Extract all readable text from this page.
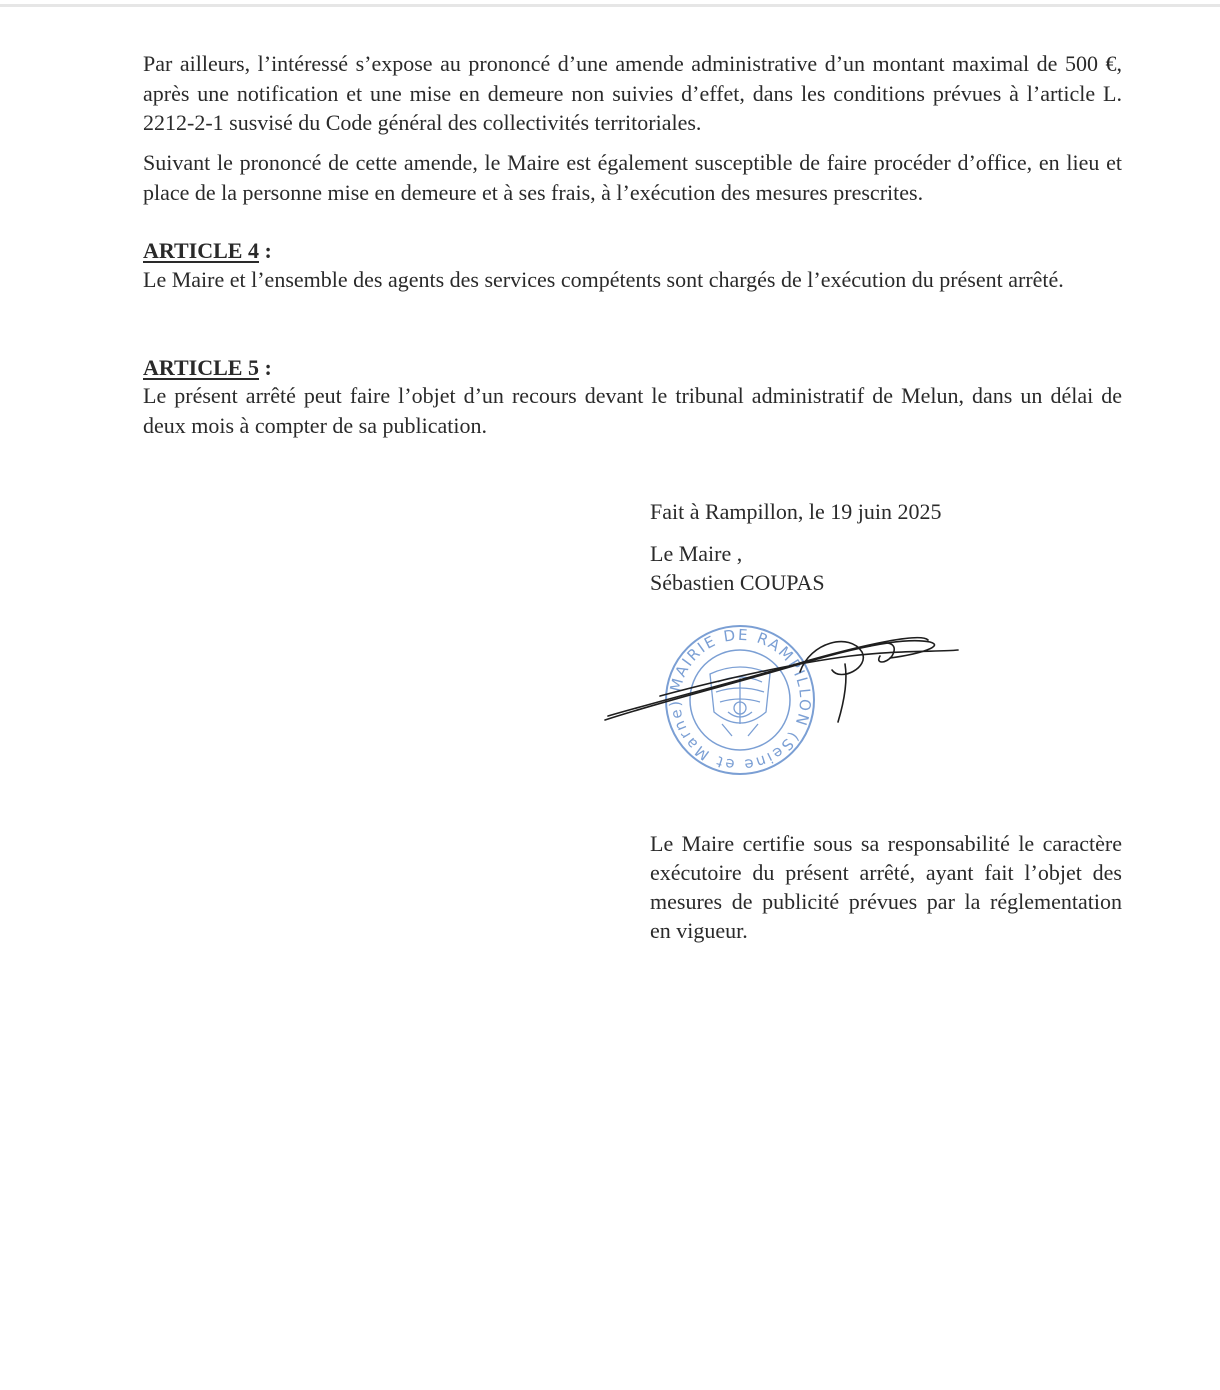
Par ailleurs, l’intéressé s’expose au prononcé d’une amende administrative d’un montant maximal de 500 €, après une notification et une mise en demeure non suivies d’effet, dans les conditions prévues à l’article L. 2212-2-1 susvisé du Code général des collectivités territoriales.

Suivant le prononcé de cette amende, le Maire est également susceptible de faire procéder d’office, en lieu et place de la personne mise en demeure et à ses frais, à l’exécution des mesures prescrites.

ARTICLE 4 :

Le Maire et l’ensemble des agents des services compétents sont chargés de l’exécution du présent arrêté.

ARTICLE 5 :

Le présent arrêté peut faire l’objet d’un recours devant le tribunal administratif de Melun, dans un délai de deux mois à compter de sa publication.

Fait à Rampillon, le 19 juin 2025

Le Maire ,

Sébastien COUPAS

MAIRIE DE RAMPILLON (Seine et Marne)

Le Maire certifie sous sa responsabilité le caractère exécutoire du présent arrêté, ayant fait l’objet des mesures de publicité prévues par la réglementation en vigueur.
